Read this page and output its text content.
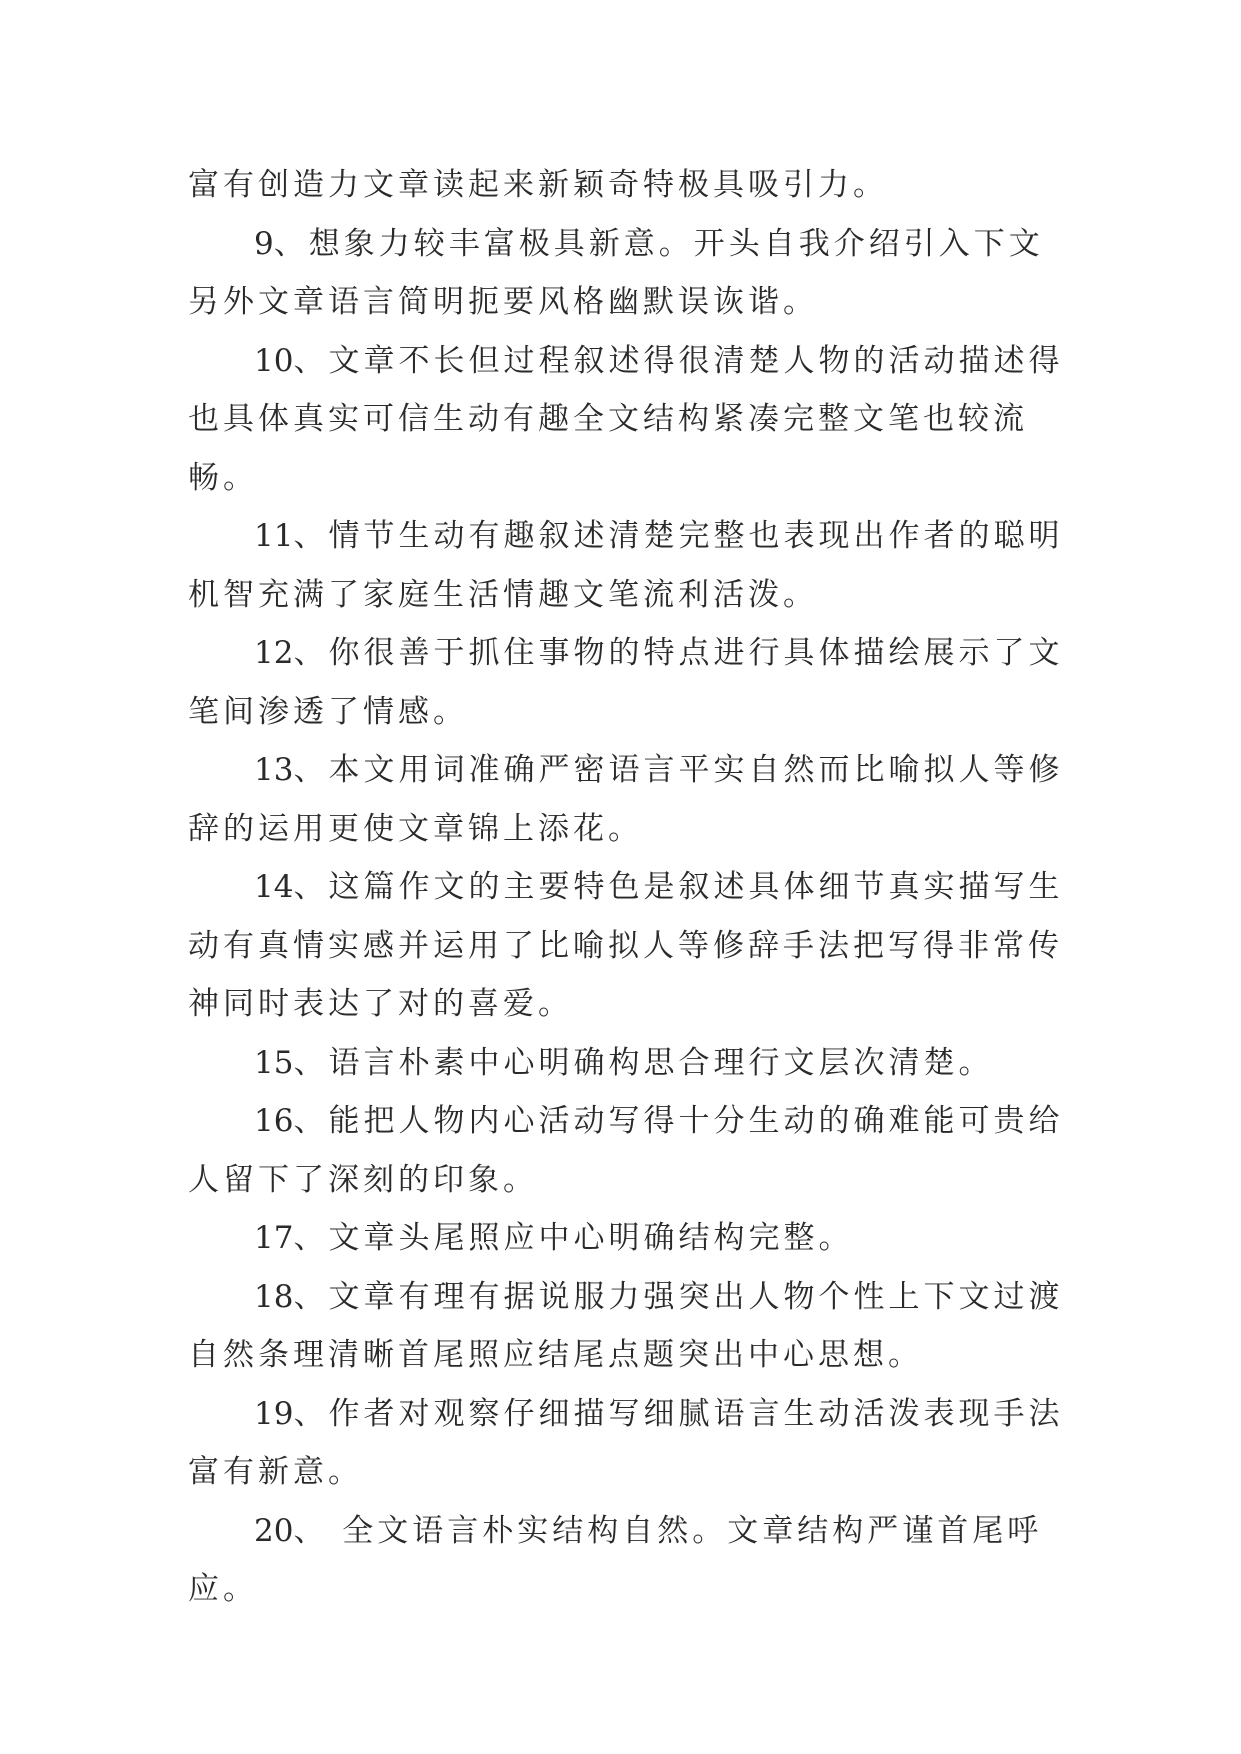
富有创造力文章读起来新颖奇特极具吸引力。

9、想象力较丰富极具新意。开头自我介绍引入下文另外文章语言简明扼要风格幽默误诙谐。

10、文章不长但过程叙述得很清楚人物的活动描述得也具体真实可信生动有趣全文结构紧凑完整文笔也较流畅。

11、情节生动有趣叙述清楚完整也表现出作者的聪明机智充满了家庭生活情趣文笔流利活泼。

12、你很善于抓住事物的特点进行具体描绘展示了文笔间渗透了情感。

13、本文用词准确严密语言平实自然而比喻拟人等修辞的运用更使文章锦上添花。

14、这篇作文的主要特色是叙述具体细节真实描写生动有真情实感并运用了比喻拟人等修辞手法把写得非常传神同时表达了对的喜爱。

15、语言朴素中心明确构思合理行文层次清楚。

16、能把人物内心活动写得十分生动的确难能可贵给人留下了深刻的印象。

17、文章头尾照应中心明确结构完整。

18、文章有理有据说服力强突出人物个性上下文过渡自然条理清晰首尾照应结尾点题突出中心思想。

19、作者对观察仔细描写细腻语言生动活泼表现手法富有新意。

20、 全文语言朴实结构自然。文章结构严谨首尾呼应。
